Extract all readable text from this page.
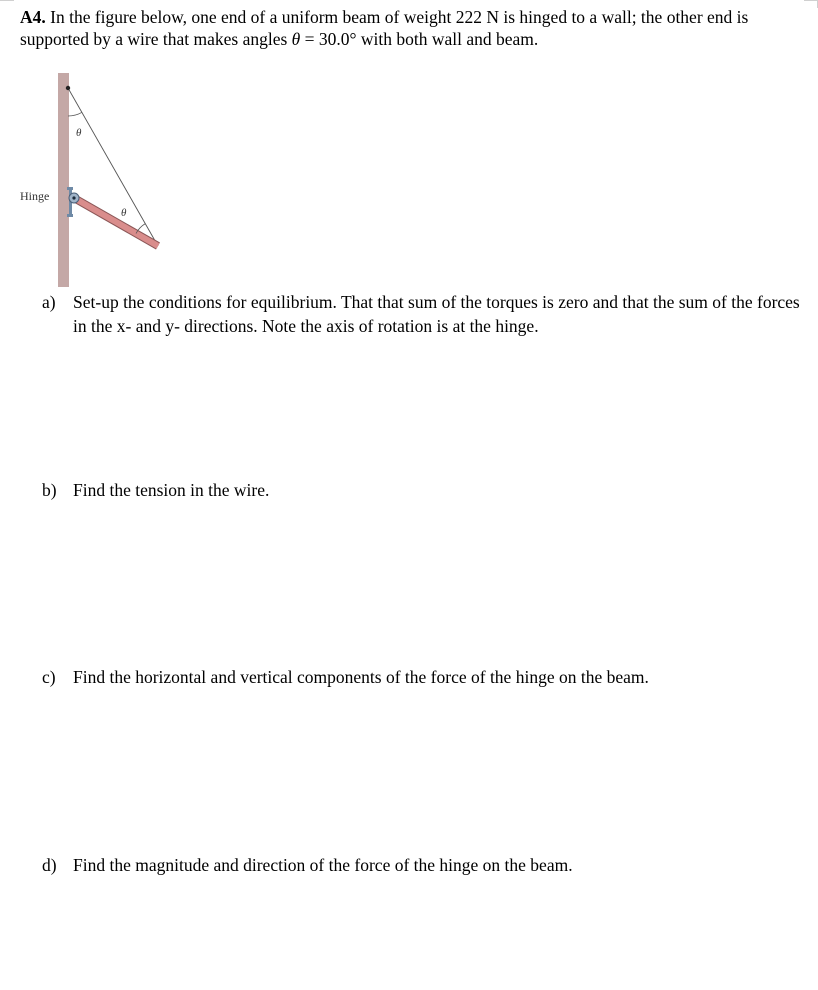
A4. In the figure below, one end of a uniform beam of weight 222 N is hinged to a wall; the other end is supported by a wire that makes angles θ = 30.0° with both wall and beam.
θ
θ
Hinge
a) Set-up the conditions for equilibrium. That that sum of the torques is zero and that the sum of the forces in the x- and y- directions. Note the axis of rotation is at the hinge.
b) Find the tension in the wire.
c) Find the horizontal and vertical components of the force of the hinge on the beam.
d) Find the magnitude and direction of the force of the hinge on the beam.
